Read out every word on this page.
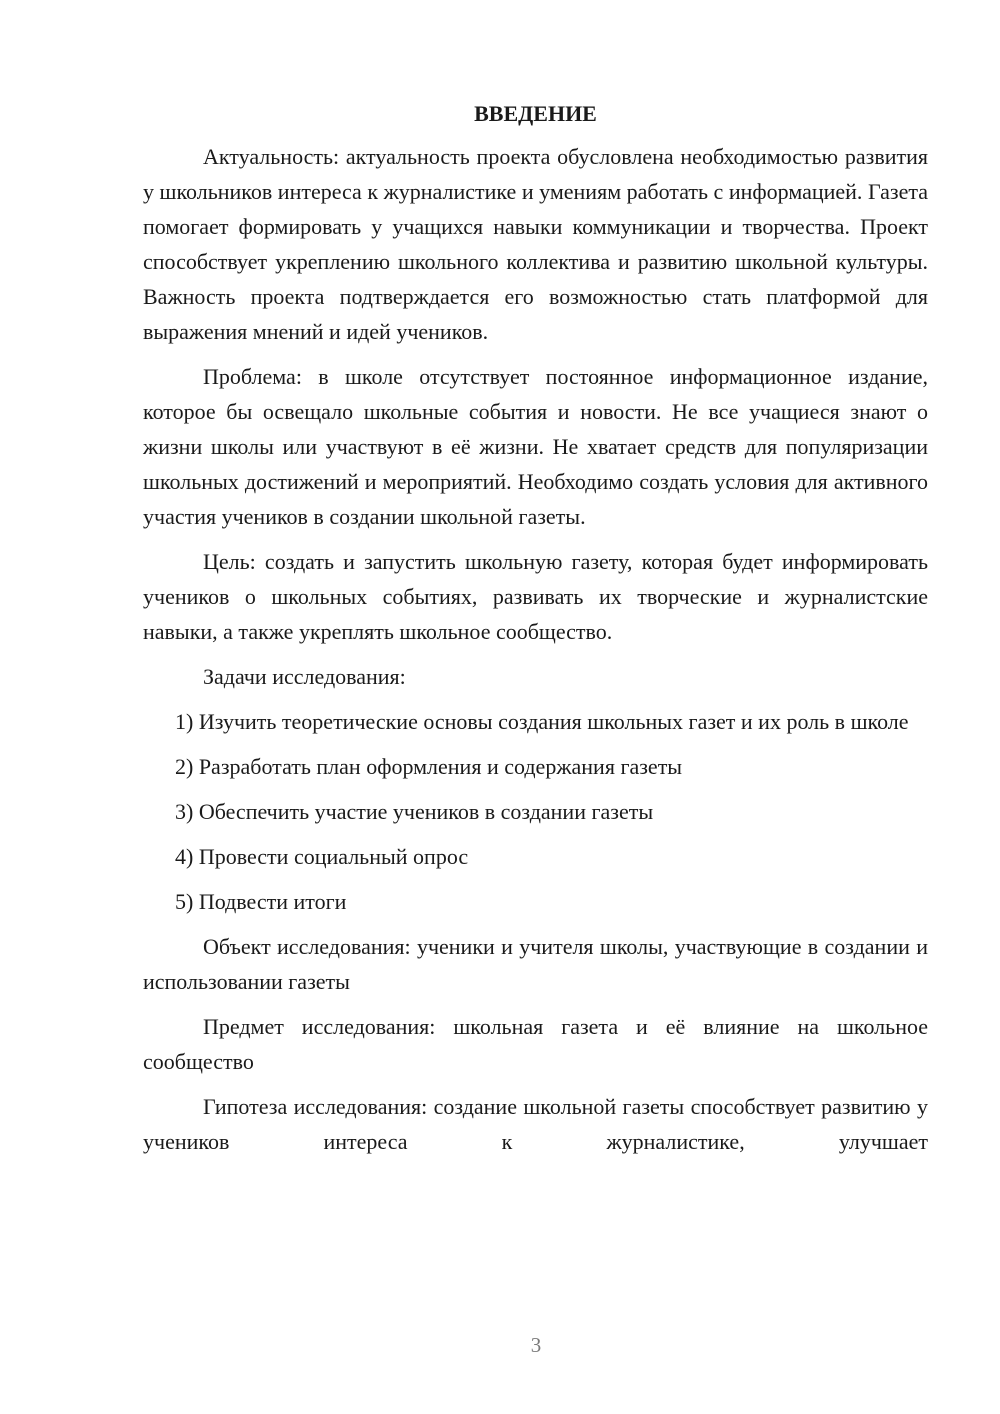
ВВЕДЕНИЕ

Актуальность: актуальность проекта обусловлена необходимостью развития у школьников интереса к журналистике и умениям работать с информацией. Газета помогает формировать у учащихся навыки коммуникации и творчества. Проект способствует укреплению школьного коллектива и развитию школьной культуры. Важность проекта подтверждается его возможностью стать платформой для выражения мнений и идей учеников.

Проблема: в школе отсутствует постоянное информационное издание, которое бы освещало школьные события и новости. Не все учащиеся знают о жизни школы или участвуют в её жизни. Не хватает средств для популяризации школьных достижений и мероприятий. Необходимо создать условия для активного участия учеников в создании школьной газеты.

Цель: создать и запустить школьную газету, которая будет информировать учеников о школьных событиях, развивать их творческие и журналистские навыки, а также укреплять школьное сообщество.

Задачи исследования:

1) Изучить теоретические основы создания школьных газет и их роль в школе

2) Разработать план оформления и содержания газеты

3) Обеспечить участие учеников в создании газеты

4) Провести социальный опрос

5) Подвести итоги

Объект исследования: ученики и учителя школы, участвующие в создании и использовании газеты

Предмет исследования: школьная газета и её влияние на школьное сообщество

Гипотеза исследования: создание школьной газеты способствует развитию у учеников интереса к журналистике, улучшает

3
